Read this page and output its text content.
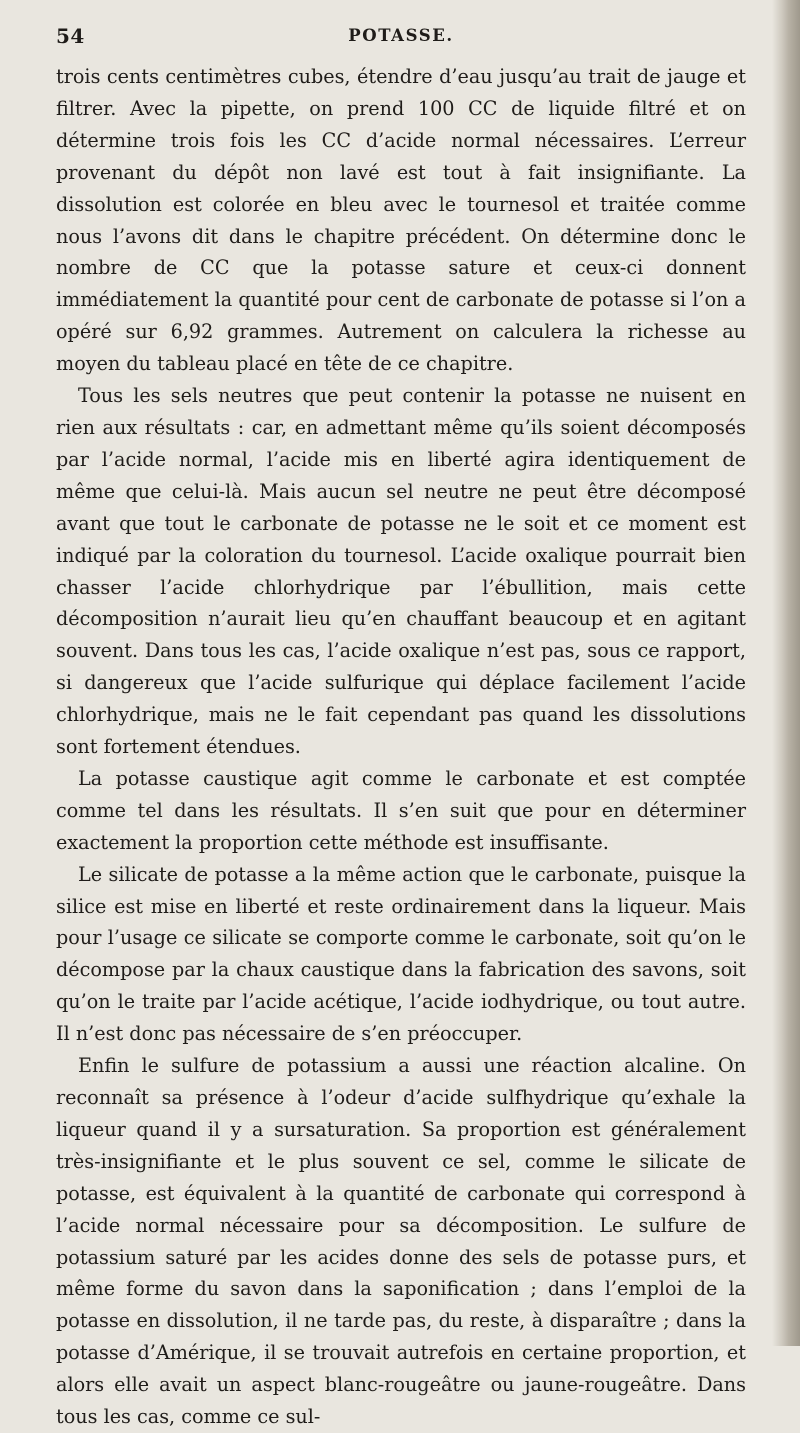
54	POTASSE.

trois cents centimètres cubes, étendre d’eau jusqu’au trait de jauge et filtrer. Avec la pipette, on prend 100 CC de liquide filtré et on détermine trois fois les CC d’acide normal nécessaires. L’erreur provenant du dépôt non lavé est tout à fait insignifiante. La dissolution est colorée en bleu avec le tournesol et traitée comme nous l’avons dit dans le chapitre précédent. On détermine donc le nombre de CC que la potasse sature et ceux-ci donnent immédiatement la quantité pour cent de carbonate de potasse si l’on a opéré sur 6,92 grammes. Autrement on calculera la richesse au moyen du tableau placé en tête de ce chapitre.

Tous les sels neutres que peut contenir la potasse ne nuisent en rien aux résultats : car, en admettant même qu’ils soient décomposés par l’acide normal, l’acide mis en liberté agira identiquement de même que celui-là. Mais aucun sel neutre ne peut être décomposé avant que tout le carbonate de potasse ne le soit et ce moment est indiqué par la coloration du tournesol. L’acide oxalique pourrait bien chasser l’acide chlorhydrique par l’ébullition, mais cette décomposition n’aurait lieu qu’en chauffant beaucoup et en agitant souvent. Dans tous les cas, l’acide oxalique n’est pas, sous ce rapport, si dangereux que l’acide sulfurique qui déplace facilement l’acide chlorhydrique, mais ne le fait cependant pas quand les dissolutions sont fortement étendues.

La potasse caustique agit comme le carbonate et est comptée comme tel dans les résultats. Il s’en suit que pour en déterminer exactement la proportion cette méthode est insuffisante.

Le silicate de potasse a la même action que le carbonate, puisque la silice est mise en liberté et reste ordinairement dans la liqueur. Mais pour l’usage ce silicate se comporte comme le carbonate, soit qu’on le décompose par la chaux caustique dans la fabrication des savons, soit qu’on le traite par l’acide acétique, l’acide iodhydrique, ou tout autre. Il n’est donc pas nécessaire de s’en préoccuper.

Enfin le sulfure de potassium a aussi une réaction alcaline. On reconnaît sa présence à l’odeur d’acide sulfhydrique qu’exhale la liqueur quand il y a sursaturation. Sa proportion est généralement très-insignifiante et le plus souvent ce sel, comme le silicate de potasse, est équivalent à la quantité de carbonate qui correspond à l’acide normal nécessaire pour sa décomposition. Le sulfure de potassium saturé par les acides donne des sels de potasse purs, et même forme du savon dans la saponification ; dans l’emploi de la potasse en dissolution, il ne tarde pas, du reste, à disparaître ; dans la potasse d’Amérique, il se trouvait autrefois en certaine proportion, et alors elle avait un aspect blanc-rougeâtre ou jaune-rougeâtre. Dans tous les cas, comme ce sul-
